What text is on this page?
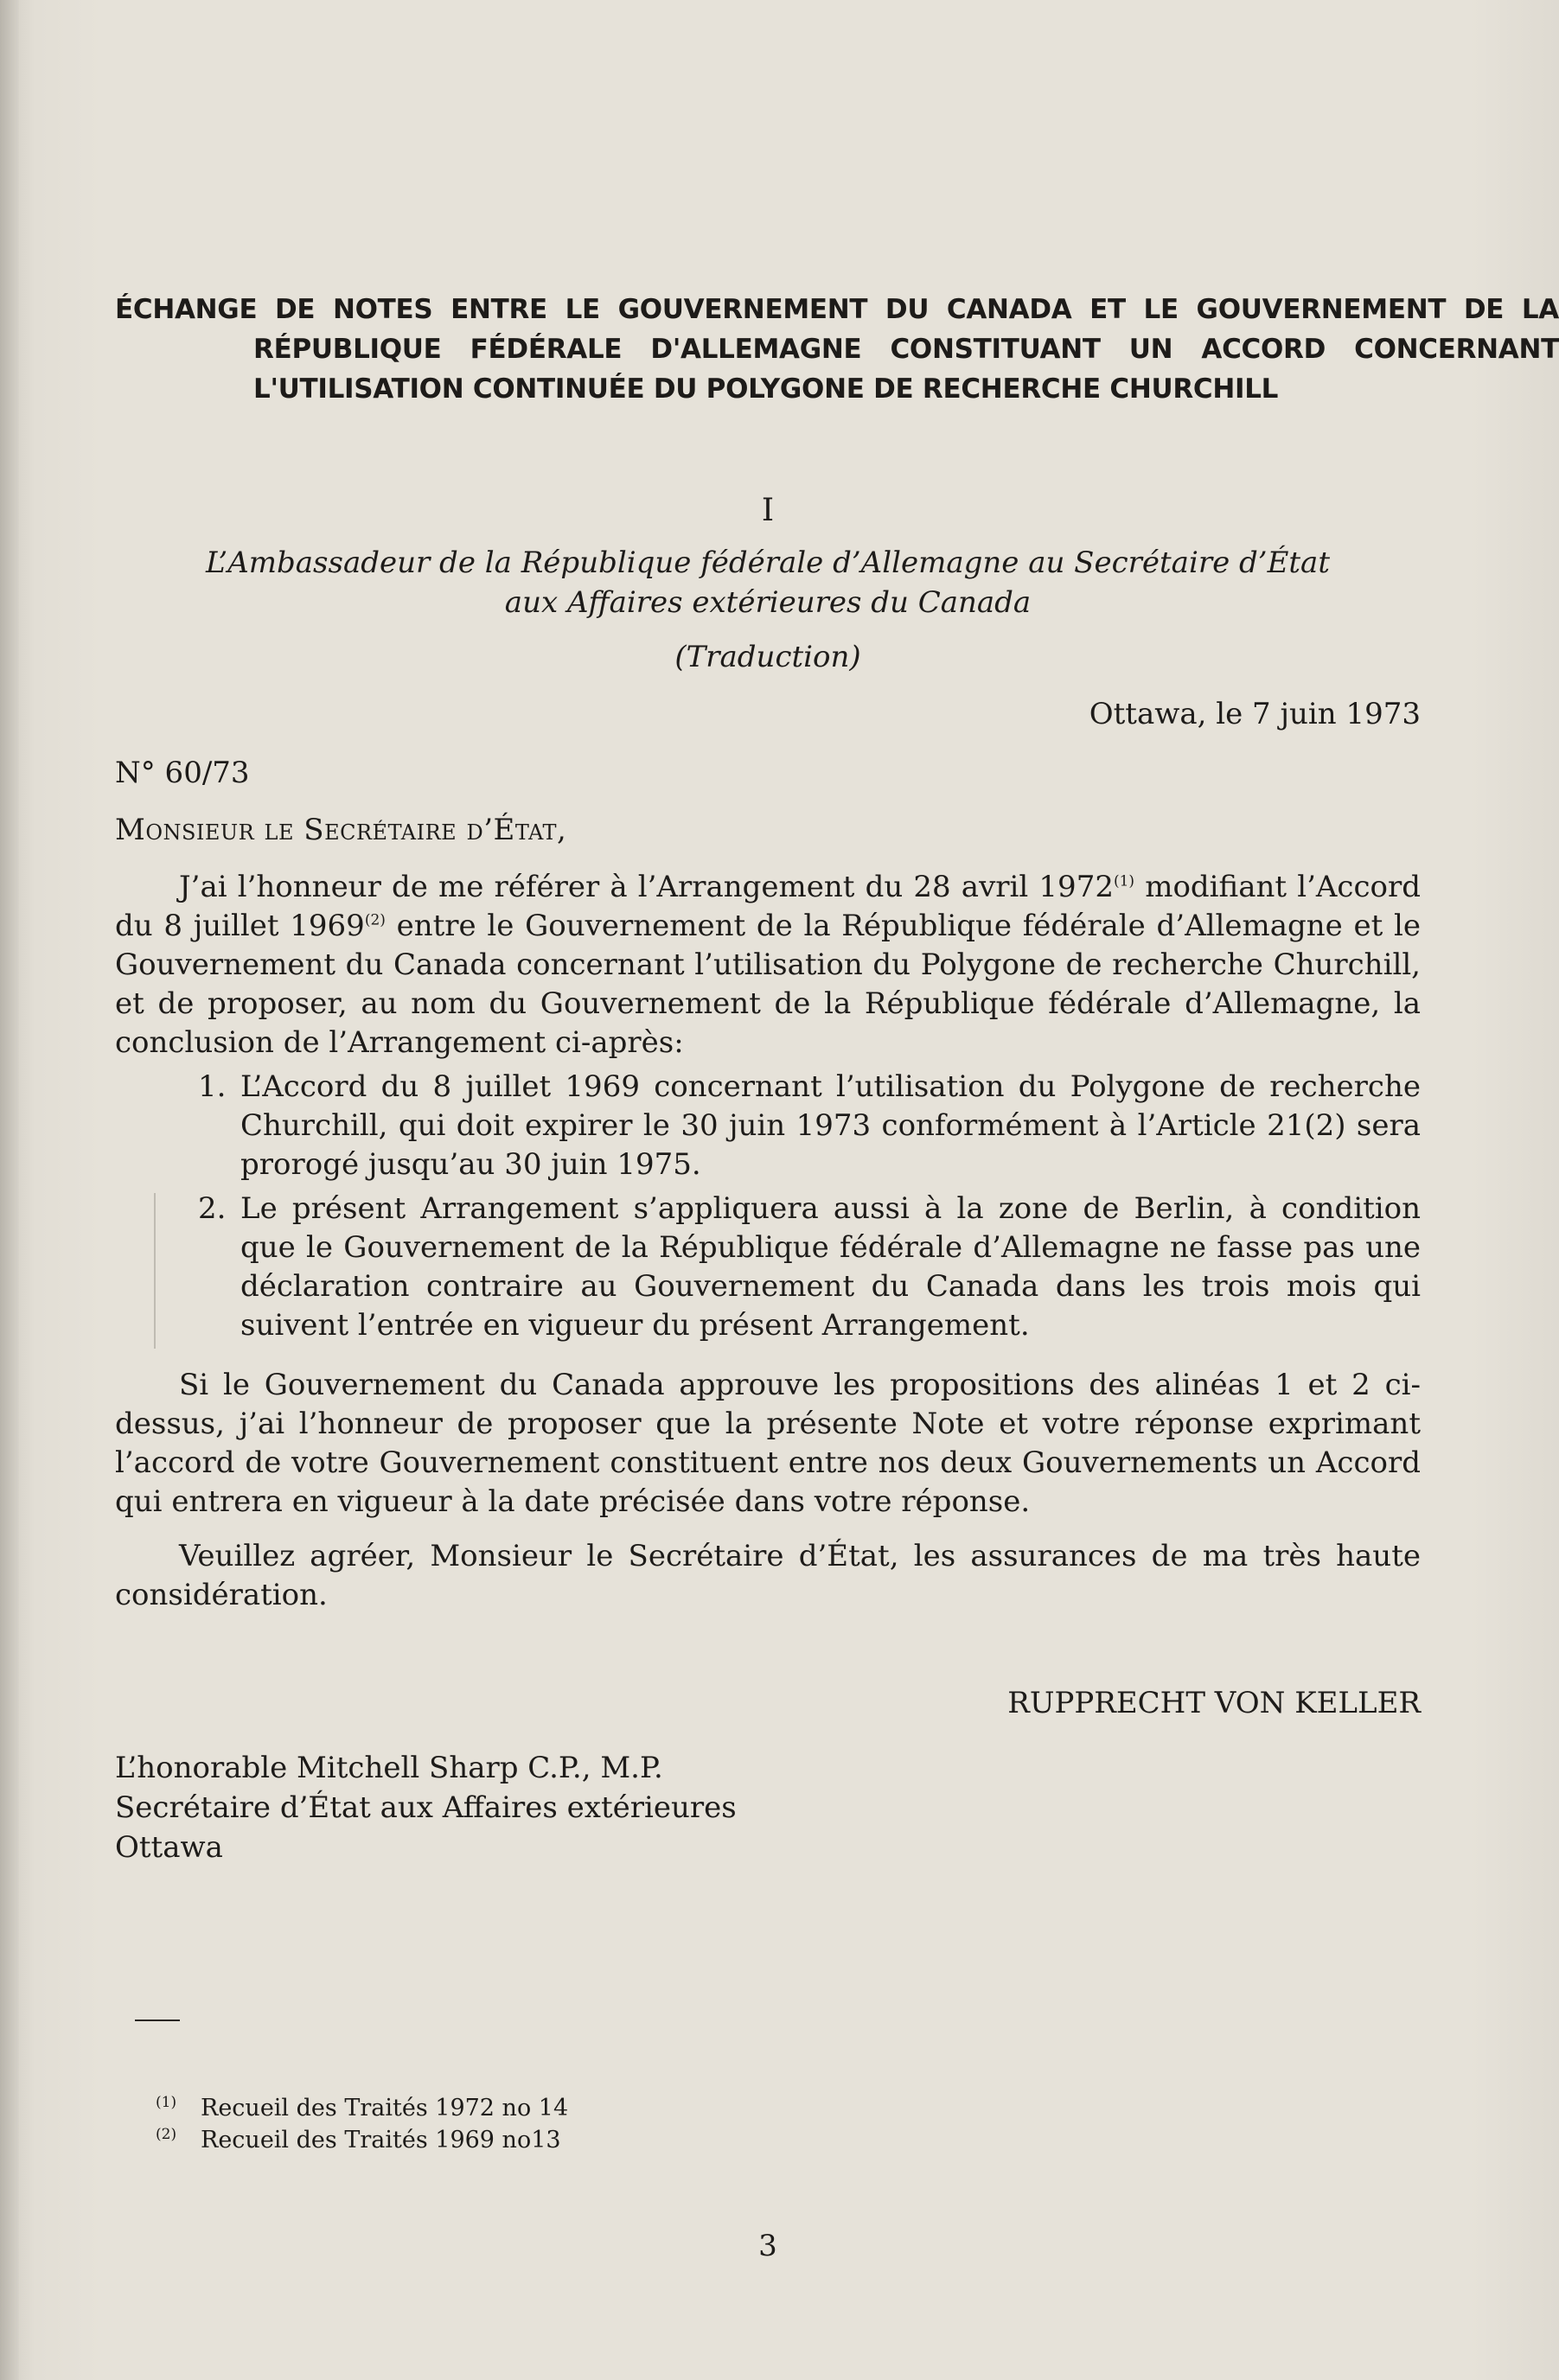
ÉCHANGE DE NOTES ENTRE LE GOUVERNEMENT DU CANADA ET LE GOUVERNEMENT DE LA RÉPUBLIQUE FÉDÉRALE D'ALLEMAGNE CONSTITUANT UN ACCORD CONCERNANT L'UTILISATION CONTINUÉE DU POLYGONE DE RECHERCHE CHURCHILL
I
L’Ambassadeur de la République fédérale d’Allemagne au Secrétaire d’État
aux Affaires extérieures du Canada
(Traduction)
Ottawa, le 7 juin 1973
N° 60/73
Monsieur le Secrétaire d’État,

J’ai l’honneur de me référer à l’Arrangement du 28 avril 1972$^{(1)}$ modifiant l’Accord du 8 juillet 1969$^{(2)}$ entre le Gouvernement de la République fédérale d’Allemagne et le Gouvernement du Canada concernant l’utilisation du Polygone de recherche Churchill, et de proposer, au nom du Gouvernement de la République fédérale d’Allemagne, la conclusion de l’Arrangement ci-après:

1. L’Accord du 8 juillet 1969 concernant l’utilisation du Polygone de recherche Churchill, qui doit expirer le 30 juin 1973 conformément à l’Article 21(2) sera prorogé jusqu’au 30 juin 1975.
2. Le présent Arrangement s’appliquera aussi à la zone de Berlin, à condition que le Gouvernement de la République fédérale d’Allemagne ne fasse pas une déclaration contraire au Gouvernement du Canada dans les trois mois qui suivent l’entrée en vigueur du présent Arrangement.

Si le Gouvernement du Canada approuve les propositions des alinéas 1 et 2 ci-dessus, j’ai l’honneur de proposer que la présente Note et votre réponse exprimant l’accord de votre Gouvernement constituent entre nos deux Gouvernements un Accord qui entrera en vigueur à la date précisée dans votre réponse.

Veuillez agréer, Monsieur le Secrétaire d’État, les assurances de ma très haute considération.

RUPPRECHT VON KELLER
L’honorable Mitchell Sharp C.P., M.P.
Secrétaire d’État aux Affaires extérieures
Ottawa
(1) Recueil des Traités 1972 no 14
(2) Recueil des Traités 1969 no13
3
